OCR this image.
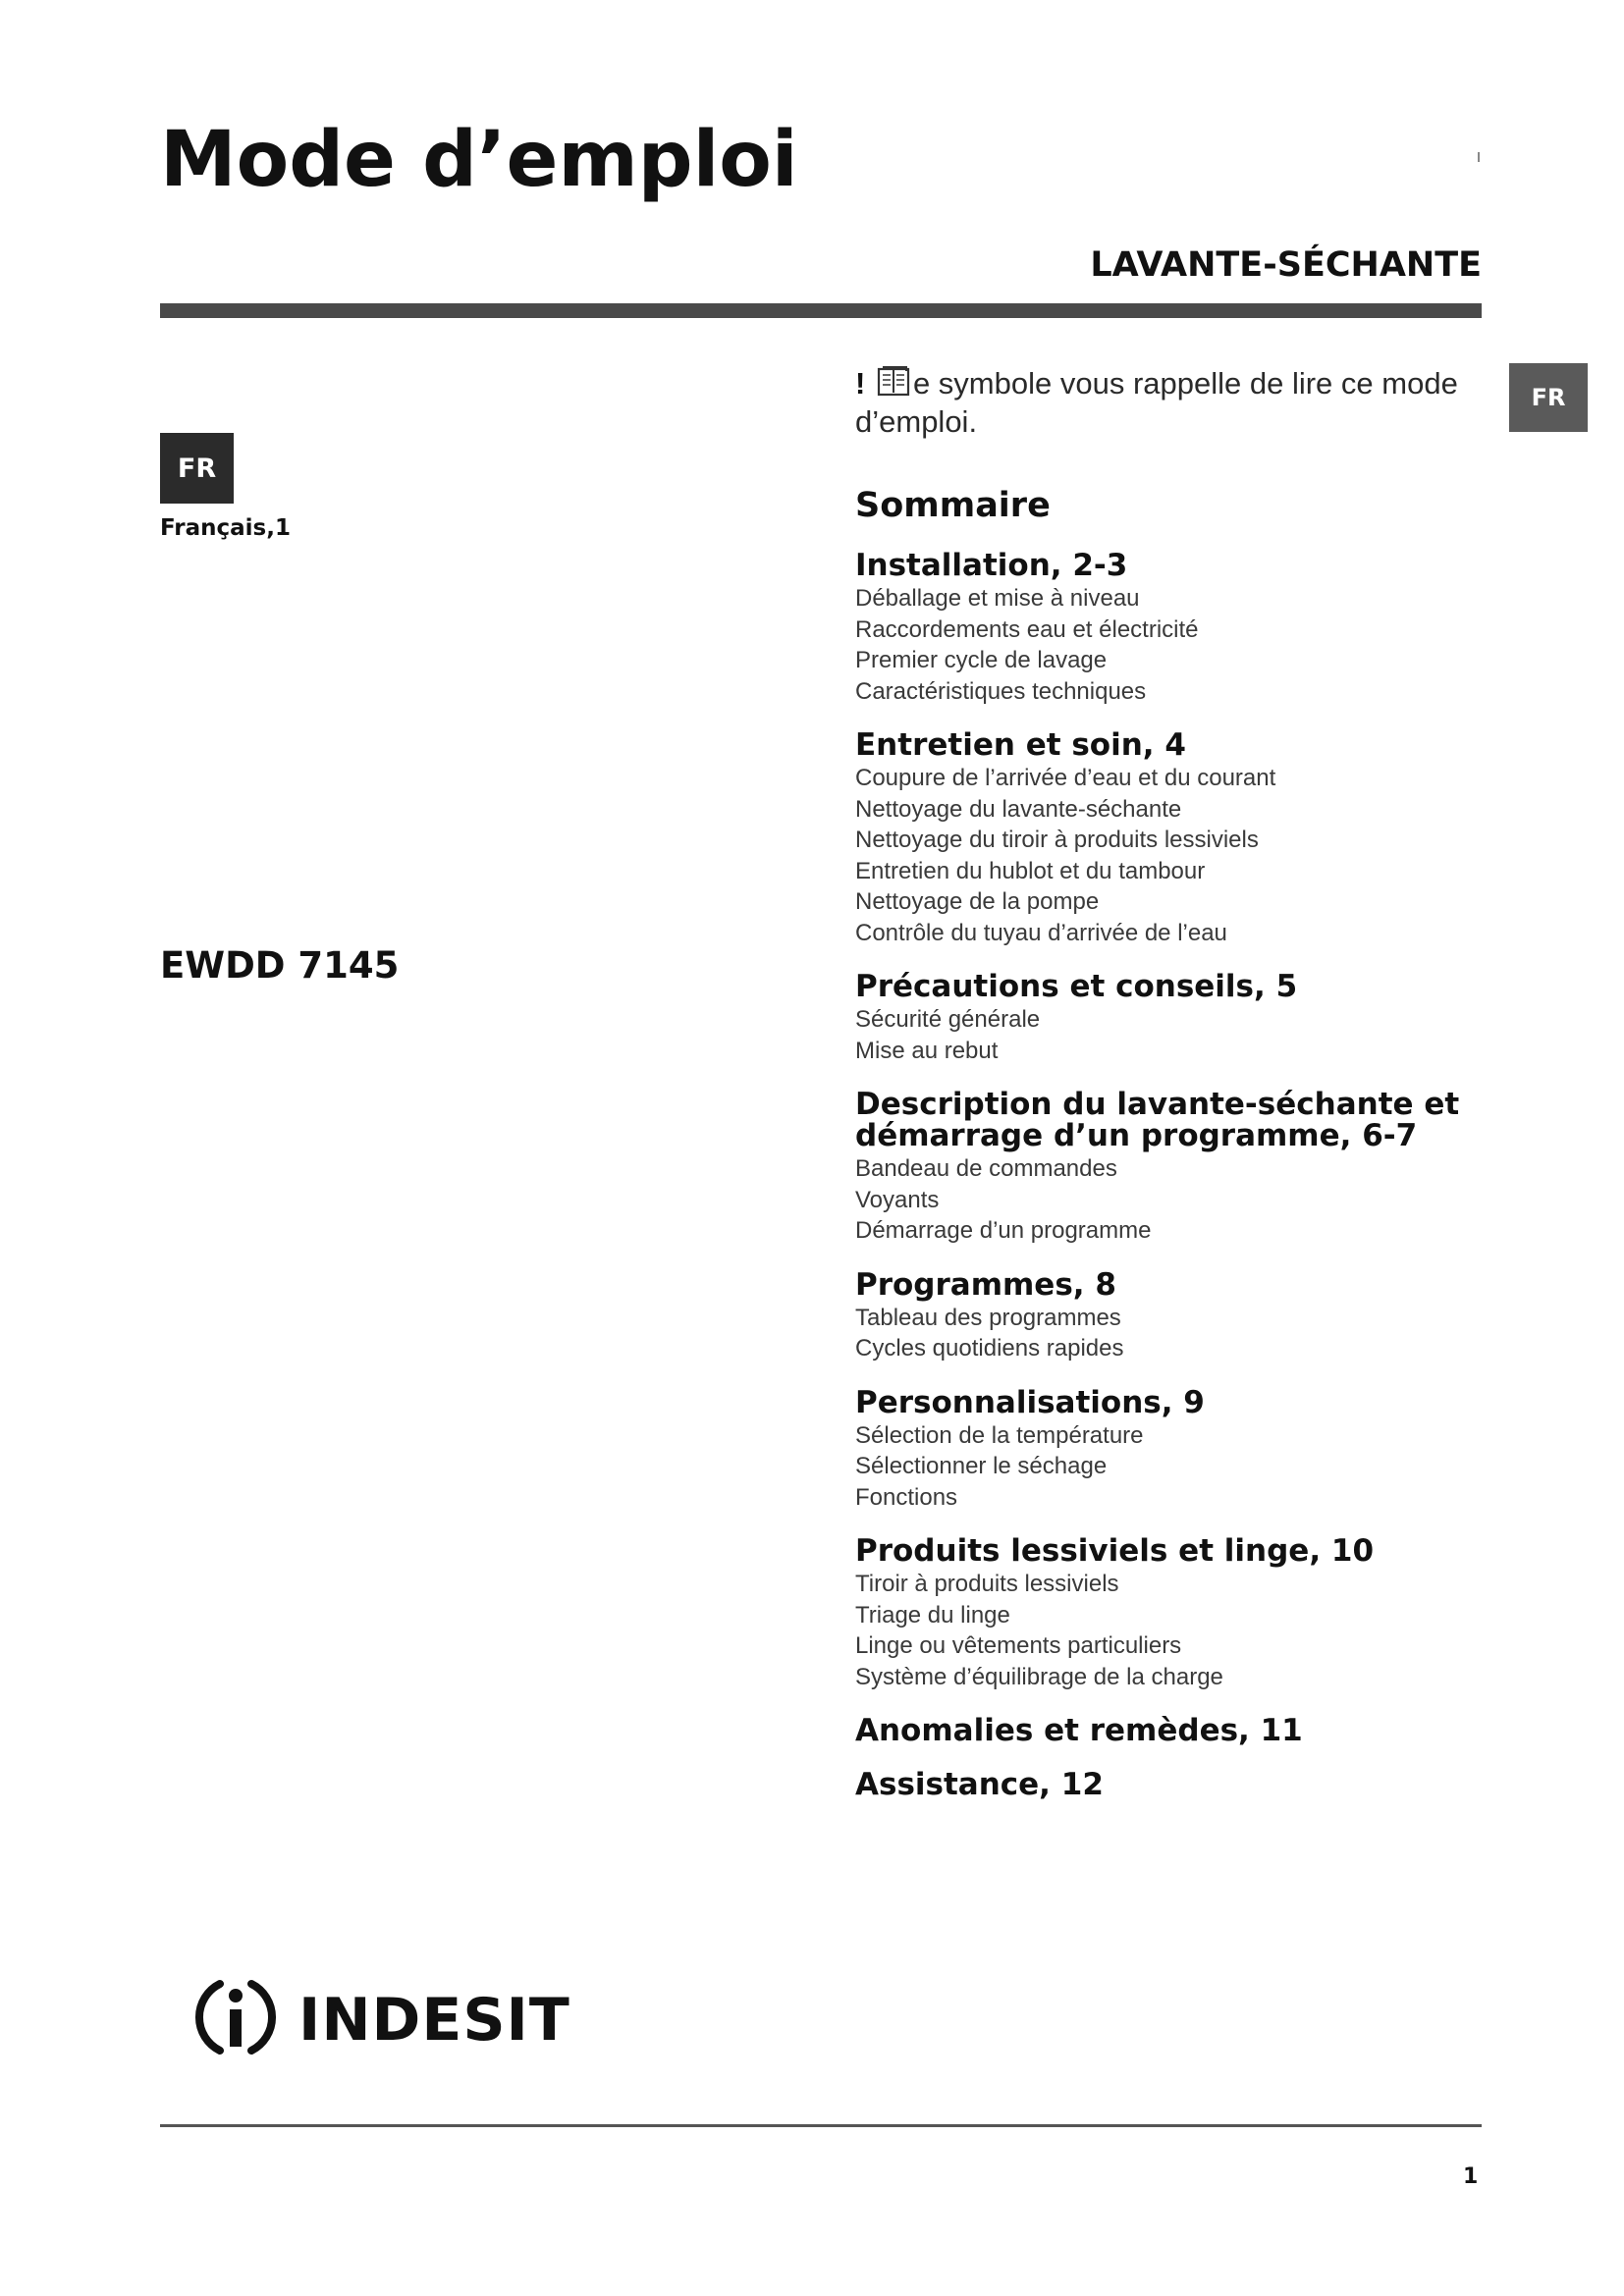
Mode d’emploi
LAVANTE-SÉCHANTE
FR
Français,1
EWDD 7145
FR

! e symbole vous rappelle de lire ce mode d’emploi.

Sommaire
Installation, 2-3
Déballage et mise à niveau
Raccordements eau et électricité
Premier cycle de lavage
Caractéristiques techniques
Entretien et soin, 4
Coupure de l’arrivée d’eau et du courant
Nettoyage du lavante-séchante
Nettoyage du tiroir à produits lessiviels
Entretien du hublot et du tambour
Nettoyage de la pompe
Contrôle du tuyau d’arrivée de l’eau
Précautions et conseils, 5
Sécurité générale
Mise au rebut
Description du lavante-séchante et démarrage d’un programme, 6-7
Bandeau de commandes
Voyants
Démarrage d’un programme
Programmes, 8
Tableau des programmes
Cycles quotidiens rapides
Personnalisations, 9
Sélection de la température
Sélectionner le séchage
Fonctions
Produits lessiviels et linge, 10
Tiroir à produits lessiviels
Triage du linge
Linge ou vêtements particuliers
Système d’équilibrage de la charge
Anomalies et remèdes, 11
Assistance, 12
INDESIT
1
